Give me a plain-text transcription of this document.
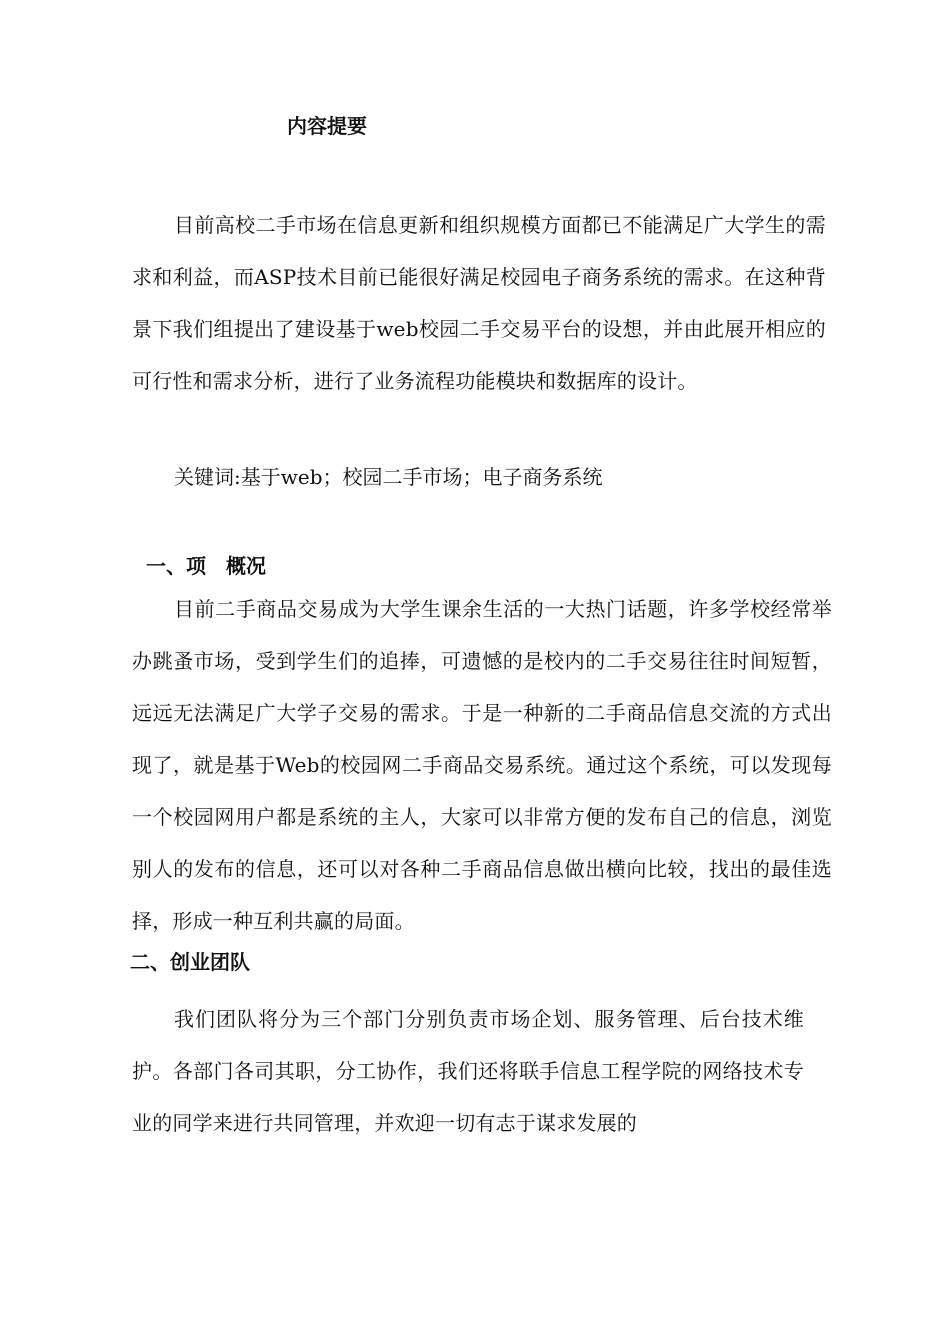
内容提要
目前高校二手市场在信息更新和组织规模方面都已不能满足广大学生的需求和利益，而ASP技术目前已能很好满足校园电子商务系统的需求。在这种背景下我们组提出了建设基于web校园二手交易平台的设想，并由此展开相应的可行性和需求分析，进行了业务流程功能模块和数据库的设计。
关键词:基于web；校园二手市场；电子商务系统
一、项　概况
目前二手商品交易成为大学生课余生活的一大热门话题，许多学校经常举办跳蚤市场，受到学生们的追捧，可遗憾的是校内的二手交易往往时间短暂，远远无法满足广大学子交易的需求。于是一种新的二手商品信息交流的方式出现了，就是基于Web的校园网二手商品交易系统。通过这个系统，可以发现每一个校园网用户都是系统的主人，大家可以非常方便的发布自己的信息，浏览别人的发布的信息，还可以对各种二手商品信息做出横向比较，找出的最佳选择，形成一种互利共赢的局面。
二、创业团队
我们团队将分为三个部门分别负责市场企划、服务管理、后台技术维护。各部门各司其职，分工协作，我们还将联手信息工程学院的网络技术专业的同学来进行共同管理，并欢迎一切有志于谋求发展的
